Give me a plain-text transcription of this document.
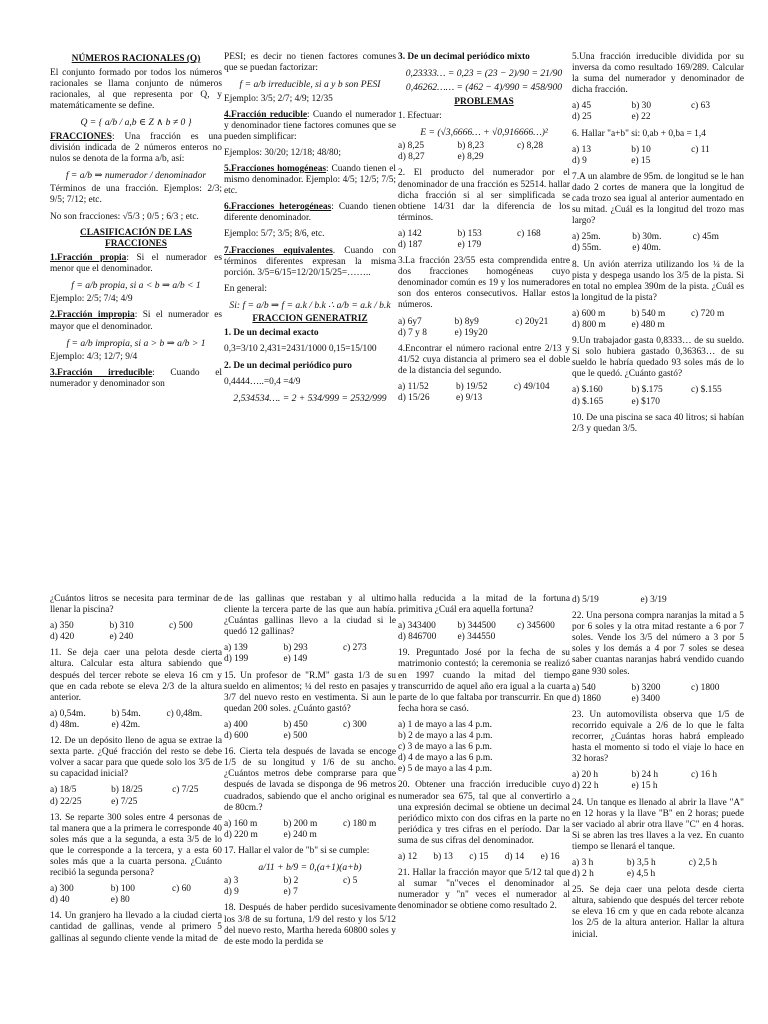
NÚMEROS RACIONALES (Q)

El conjunto formado por todos los números racionales se llama conjunto de números racionales, al que representa por Q, y matemáticamente se define.

Q = { a/b / a,b ∈ Z ∧ b ≠ 0 }

FRACCIONES: Una fracción es una división indicada de 2 números enteros no nulos se denota de la forma a/b, así:

f = a/b ⇒ numerador / denominador

Términos de una fracción. Ejemplos: 2/3; 9/5; 7/12; etc.

No son fracciones: √5/3 ; 0/5 ; 6/3 ; etc.

CLASIFICACIÓN DE LAS FRACCIONES

1.Fracción propia: Si el numerador es menor que el denominador.

f = a/b propia, si a < b ⇒ a/b < 1

Ejemplo: 2/5; 7/4; 4/9

2.Fracción impropia: Si el numerador es mayor que el denominador.

f = a/b impropia, si a > b ⇒ a/b > 1

Ejemplo: 4/3; 12/7; 9/4

3.Fracción irreducible: Cuando el numerador y denominador son

PESI; es decir no tienen factores comunes que se puedan factorizar:

f = a/b irreducible, si a y b son PESI

Ejemplo: 3/5; 2/7; 4/9; 12/35

4.Fracción reducible: Cuando el numerador y denominador tiene factores comunes que se pueden simplificar:

Ejemplos: 30/20; 12/18; 48/80;

5.Fracciones homogéneas: Cuando tienen el mismo denominador. Ejemplo: 4/5; 12/5; 7/5; etc.

6.Fracciones heterogéneas: Cuando tienen diferente denominador.

Ejemplo: 5/7; 3/5; 8/6, etc.

7.Fracciones equivalentes. Cuando con términos diferentes expresan la misma porción. 3/5=6/15=12/20/15/25=……..

En general:

Si: f = a/b ⇒ f = a.k / b.k ∴ a/b = a.k / b.k
FRACCION GENERATRIZ

1. De un decimal exacto

0,3=3/10 2,431=2431/1000 0,15=15/100

2. De un decimal periódico puro

0,4444…..=0,4 =4/9

2,534534…. = 2 + 534/999 = 2532/999

3. De un decimal periódico mixto

0,23333… = 0,23 = (23 − 2)/90 = 21/90
0,46262…… = (462 − 4)/990 = 458/900
PROBLEMAS

1. Efectuar:

E = (√3,6666… + √0,916666…)²
a) 8,25	b) 8,23	c) 8,28
d) 8,27	e) 8,29

2. El producto del numerador por el denominador de una fracción es 52514. hallar dicha fracción si al ser simplificada se obtiene 14/31 dar la diferencia de los términos.

a) 142	b) 153	c) 168
d) 187	e) 179

3.La fracción 23/55 esta comprendida entre dos fracciones homogéneas cuyo denominador común es 19 y los numeradores son dos enteros consecutivos. Hallar estos números.

a) 6y7	b) 8y9	c) 20y21
d) 7 y 8	e) 19y20

4.Encontrar el número racional entre 2/13 y 41/52 cuya distancia al primero sea el doble de la distancia del segundo.

a) 11/52	b) 19/52	c) 49/104
d) 15/26	e) 9/13

5.Una fracción irreducible dividida por su inversa da como resultado 169/289. Calcular la suma del numerador y denominador de dicha fracción.

a) 45	b) 30	c) 63
d) 25	e) 22

6. Hallar "a+b" si: 0,ab + 0,ba = 1,4

a) 13	b) 10	c) 11
d) 9	e) 15

7.A un alambre de 95m. de longitud se le han dado 2 cortes de manera que la longitud de cada trozo sea igual al anterior aumentado en su mitad. ¿Cuál es la longitud del trozo mas largo?

a) 25m.	b) 30m.	c) 45m
d) 55m.	e) 40m.

8. Un avión aterriza utilizando los ¼ de la pista y despega usando los 3/5 de la pista. Si en total no emplea 390m de la pista. ¿Cuál es la longitud de la pista?

a) 600 m	b) 540 m	c) 720 m
d) 800 m	e) 480 m

9.Un trabajador gasta 0,8333… de su sueldo. Si solo hubiera gastado 0,36363… de su sueldo le habría quedado 93 soles más de lo que le quedó. ¿Cuánto gastó?

a) $.160	b) $.175	c) $.155
d) $.165	e) $170

10. De una piscina se saca 40 litros; si habían 2/3 y quedan 3/5.

¿Cuántos litros se necesita para terminar de llenar la piscina?

a) 350	b) 310	c) 500
d) 420	e) 240

11. Se deja caer una pelota desde cierta altura. Calcular esta altura sabiendo que después del tercer rebote se eleva 16 cm y que en cada rebote se eleva 2/3 de la altura anterior.

a) 0,54m.	b) 54m.	c) 0,48m.
d) 48m.	e) 42m.

12. De un depósito lleno de agua se extrae la sexta parte. ¿Qué fracción del resto se debe volver a sacar para que quede solo los 3/5 de su capacidad inicial?

a) 18/5	b) 18/25	c) 7/25
d) 22/25	e) 7/25

13. Se reparte 300 soles entre 4 personas de tal manera que a la primera le corresponde 40 soles más que a la segunda, a esta 3/5 de lo que le corresponde a la tercera, y a esta 60 soles más que a la cuarta persona. ¿Cuánto recibió la segunda persona?

a) 300	b) 100	c) 60
d) 40	e) 80

14. Un granjero ha llevado a la ciudad cierta cantidad de gallinas, vende al primero 5 gallinas al segundo cliente vende la mitad de

de las gallinas que restaban y al ultimo cliente la tercera parte de las que aun había. ¿Cuántas gallinas llevo a la ciudad si le quedó 12 gallinas?

a) 139	b) 293	c) 273
d) 199	e) 149

15. Un profesor de "R.M" gasta 1/3 de su sueldo en alimentos; ¼ del resto en pasajes y 3/7 del nuevo resto en vestimenta. Si aun le quedan 200 soles. ¿Cuánto gastó?

a) 400	b) 450	c) 300
d) 600	e) 500

16. Cierta tela después de lavada se encoge 1/5 de su longitud y 1/6 de su ancho. ¿Cuántos metros debe comprarse para que después de lavada se disponga de 96 metros cuadrados, sabiendo que el ancho original es de 80cm.?

a) 160 m	b) 200 m	c) 180 m
d) 220 m	e) 240 m

17. Hallar el valor de "b" si se cumple:

a/11 + b/9 = 0,(a+1)(a+b)
a) 3	b) 2	c) 5
d) 9	e) 7

18. Después de haber perdido sucesivamente los 3/8 de su fortuna, 1/9 del resto y los 5/12 del nuevo resto, Martha hereda 60800 soles y de este modo la perdida se

halla reducida a la mitad de la fortuna primitiva ¿Cuál era aquella fortuna?

a) 343400	b) 344500	c) 345600
d) 846700	e) 344550

19. Preguntado José por la fecha de su matrimonio contestó; la ceremonia se realizó en 1997 cuando la mitad del tiempo transcurrido de aquel año era igual a la cuarta parte de lo que faltaba por transcurrir. En que fecha hora se casó.

a) 1 de mayo a las 4 p.m.
b) 2 de mayo a las 4 p.m.
c) 3 de mayo a las 6 p.m.
d) 4 de mayo a las 6 p.m.
e) 5 de mayo a las 4 p.m.

20. Obtener una fracción irreducible cuyo numerador sea 675, tal que al convertirlo a una expresión decimal se obtiene un decimal periódico mixto con dos cifras en la parte no periódica y tres cifras en el período. Dar la suma de sus cifras del denominador.

a) 12	b) 13	c) 15	d) 14	e) 16

21. Hallar la fracción mayor que 5/12 tal que al sumar "n"veces el denominador al numerador y "n" veces el numerador al denominador se obtiene como resultado 2.

d) 5/19	e) 3/19

22. Una persona compra naranjas la mitad a 5 por 6 soles y la otra mitad restante a 6 por 7 soles. Vende los 3/5 del número a 3 por 5 soles y los demás a 4 por 7 soles se desea saber cuantas naranjas habrá vendido cuando gane 930 soles.

a) 540	b) 3200	c) 1800
d) 1860	e) 3400

23. Un automovilista observa que 1/5 de recorrido equivale a 2/6 de lo que le falta recorrer, ¿Cuántas horas habrá empleado hasta el momento si todo el viaje lo hace en 32 horas?

a) 20 h	b) 24 h	c) 16 h
d) 22 h	e) 15 h

24. Un tanque es llenado al abrir la llave "A" en 12 horas y la llave "B" en 2 horas; puede ser vaciado al abrir otra llave "C" en 4 horas. Si se abren las tres llaves a la vez. En cuanto tiempo se llenará el tanque.

a) 3 h	b) 3,5 h	c) 2,5 h
d) 2 h	e) 4,5 h

25. Se deja caer una pelota desde cierta altura, sabiendo que después del tercer rebote se eleva 16 cm y que en cada rebote alcanza los 2/5 de la altura anterior. Hallar la altura inicial.
